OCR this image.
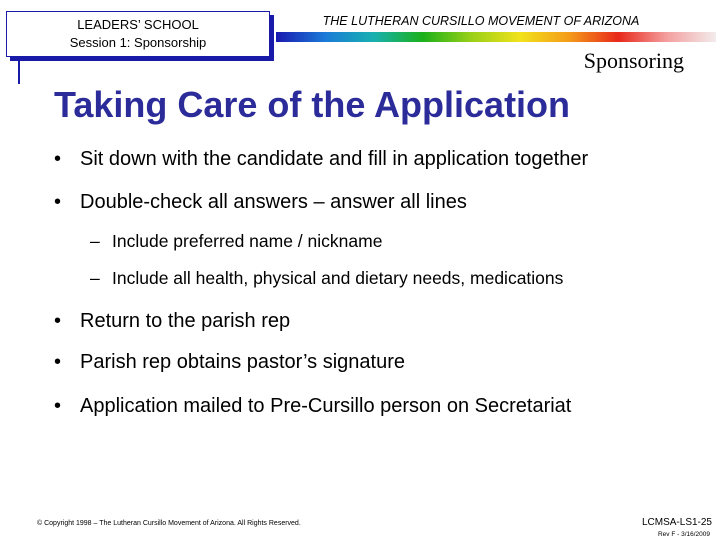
LEADERS’ SCHOOL
Session 1: Sponsorship
THE LUTHERAN CURSILLO MOVEMENT OF ARIZONA
Sponsoring
Taking Care of the Application
• Sit down with the candidate and fill in application together
• Double-check all answers – answer all lines
– Include preferred name / nickname
– Include all health, physical and dietary needs, medications
• Return to the parish rep
• Parish rep obtains pastor’s signature
• Application mailed to Pre-Cursillo person on Secretariat
© Copyright 1998 – The Lutheran Cursillo Movement of Arizona. All Rights Reserved.	LCMSA-LS1-25
Rev F - 3/16/2009
